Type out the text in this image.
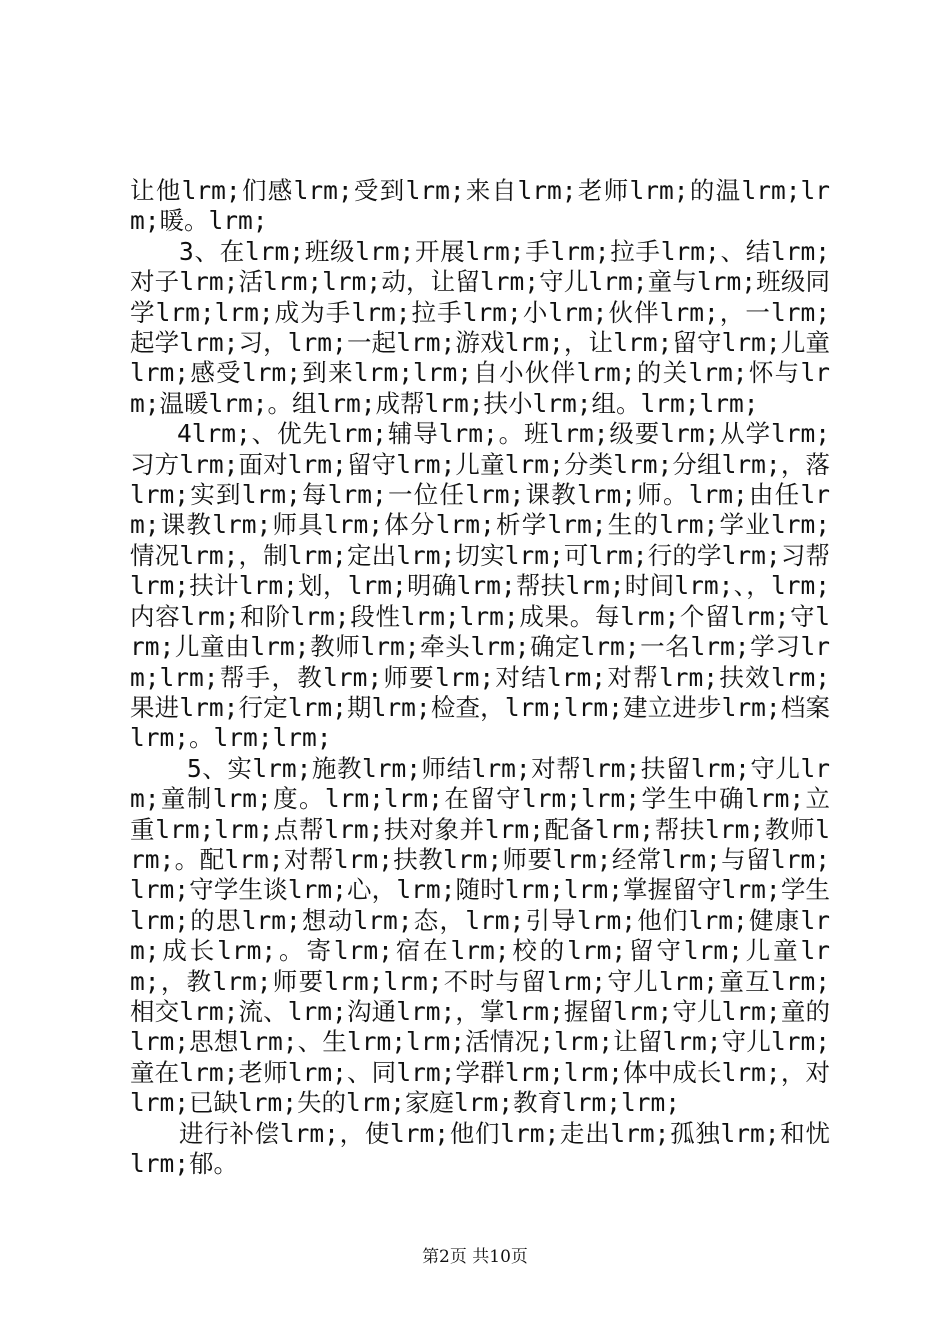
让他lrm;们感lrm;受到lrm;来自lrm;老师lrm;的温lrm;lrm;暖。lrm;

3、在lrm;班级lrm;开展lrm;手lrm;拉手lrm;、结lrm;对子lrm;活lrm;lrm;动，让留lrm;守儿lrm;童与lrm;班级同学lrm;lrm;成为手lrm;拉手lrm;小lrm;伙伴lrm;，一lrm;起学lrm;习，lrm;一起lrm;游戏lrm;，让lrm;留守lrm;儿童lrm;感受lrm;到来lrm;lrm;自小伙伴lrm;的关lrm;怀与lrm;温暖lrm;。组lrm;成帮lrm;扶小lrm;组。lrm;lrm;

4lrm;、优先lrm;辅导lrm;。班lrm;级要lrm;从学lrm;习方lrm;面对lrm;留守lrm;儿童lrm;分类lrm;分组lrm;，落lrm;实到lrm;每lrm;一位任lrm;课教lrm;师。lrm;由任lrm;课教lrm;师具lrm;体分lrm;析学lrm;生的lrm;学业lrm;情况lrm;，制lrm;定出lrm;切实lrm;可lrm;行的学lrm;习帮lrm;扶计lrm;划，lrm;明确lrm;帮扶lrm;时间lrm;、，lrm;内容lrm;和阶lrm;段性lrm;lrm;成果。每lrm;个留lrm;守lrm;儿童由lrm;教师lrm;牵头lrm;确定lrm;一名lrm;学习lrm;lrm;帮手，教lrm;师要lrm;对结lrm;对帮lrm;扶效lrm;果进lrm;行定lrm;期lrm;检查，lrm;lrm;建立进步lrm;档案lrm;。lrm;lrm;

5、实lrm;施教lrm;师结lrm;对帮lrm;扶留lrm;守儿lrm;童制lrm;度。lrm;lrm;在留守lrm;lrm;学生中确lrm;立重lrm;lrm;点帮lrm;扶对象并lrm;配备lrm;帮扶lrm;教师lrm;。配lrm;对帮lrm;扶教lrm;师要lrm;经常lrm;与留lrm;lrm;守学生谈lrm;心，lrm;随时lrm;lrm;掌握留守lrm;学生lrm;的思lrm;想动lrm;态，lrm;引导lrm;他们lrm;健康lrm;成长lrm;。寄lrm;宿在lrm;校的lrm;留守lrm;儿童lrm;，教lrm;师要lrm;lrm;不时与留lrm;守儿lrm;童互lrm;相交lrm;流、lrm;沟通lrm;，掌lrm;握留lrm;守儿lrm;童的lrm;思想lrm;、生lrm;lrm;活情况;lrm;让留lrm;守儿lrm;童在lrm;老师lrm;、同lrm;学群lrm;lrm;体中成长lrm;，对lrm;已缺lrm;失的lrm;家庭lrm;教育lrm;lrm;

进行补偿lrm;，使lrm;他们lrm;走出lrm;孤独lrm;和忧lrm;郁。

第2页 共10页
